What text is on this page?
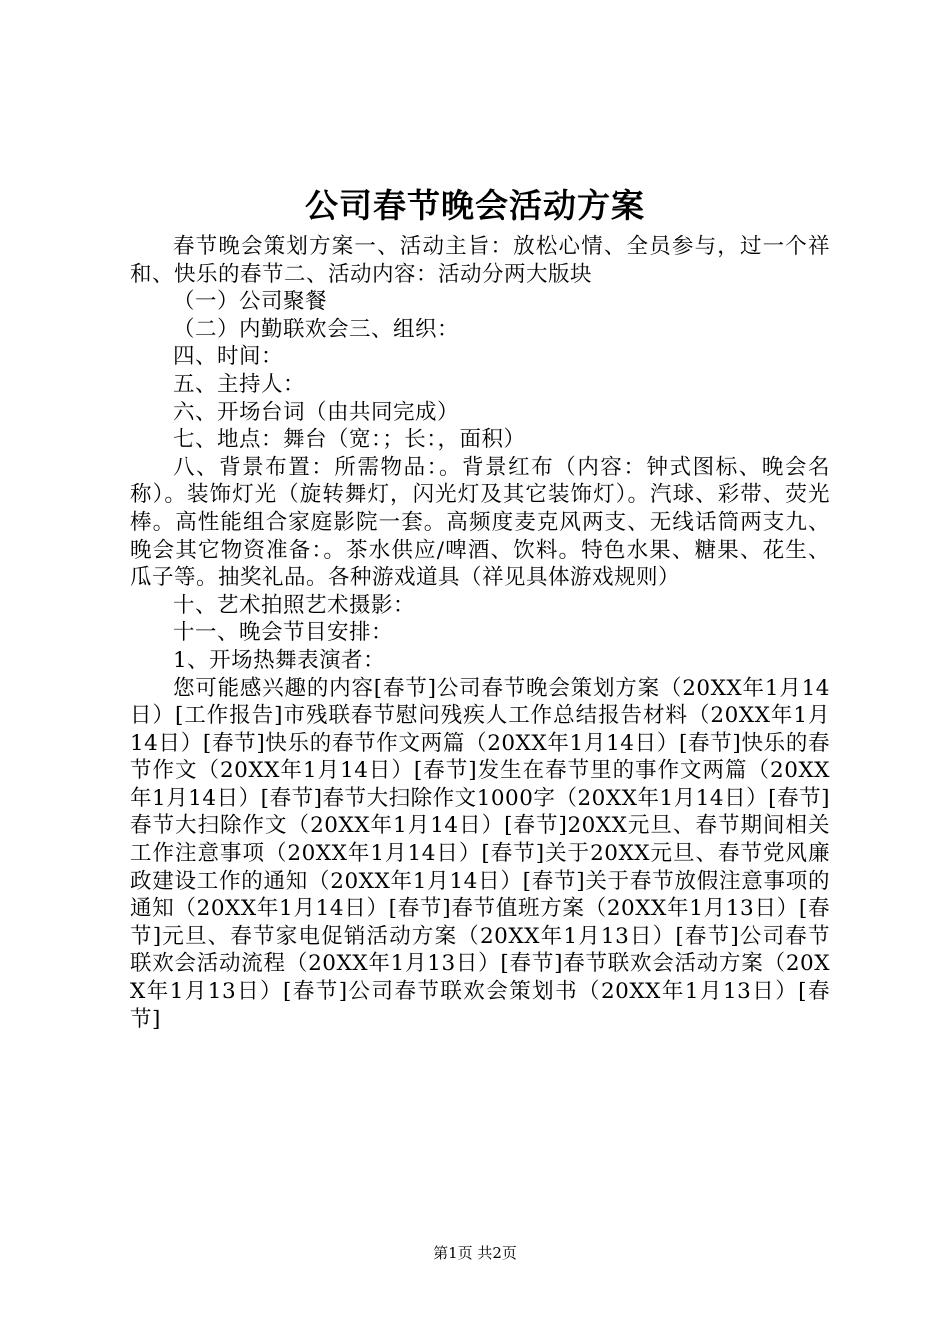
公司春节晚会活动方案

春节晚会策划方案一、活动主旨：放松心情、全员参与，过一个祥和、快乐的春节二、活动内容：活动分两大版块

（一）公司聚餐

（二）内勤联欢会三、组织：

四、时间：

五、主持人：

六、开场台词（由共同完成）

七、地点：舞台（宽：；长：，面积）

八、背景布置：所需物品：。背景红布（内容：钟式图标、晚会名称）。装饰灯光（旋转舞灯，闪光灯及其它装饰灯）。汽球、彩带、荧光棒。高性能组合家庭影院一套。高频度麦克风两支、无线话筒两支九、晚会其它物资准备：。茶水供应/啤酒、饮料。特色水果、糖果、花生、瓜子等。抽奖礼品。各种游戏道具（祥见具体游戏规则）

十、艺术拍照艺术摄影：

十一、晚会节目安排：

1、开场热舞表演者：

您可能感兴趣的内容[春节]公司春节晚会策划方案（20XX年1月14日）[工作报告]市残联春节慰问残疾人工作总结报告材料（20XX年1月14日）[春节]快乐的春节作文两篇（20XX年1月14日）[春节]快乐的春节作文（20XX年1月14日）[春节]发生在春节里的事作文两篇（20XX年1月14日）[春节]春节大扫除作文1000字（20XX年1月14日）[春节]春节大扫除作文（20XX年1月14日）[春节]20XX元旦、春节期间相关工作注意事项（20XX年1月14日）[春节]关于20XX元旦、春节党风廉政建设工作的通知（20XX年1月14日）[春节]关于春节放假注意事项的通知（20XX年1月14日）[春节]春节值班方案（20XX年1月13日）[春节]元旦、春节家电促销活动方案（20XX年1月13日）[春节]公司春节联欢会活动流程（20XX年1月13日）[春节]春节联欢会活动方案（20XX年1月13日）[春节]公司春节联欢会策划书（20XX年1月13日）[春节]

第1页 共2页
